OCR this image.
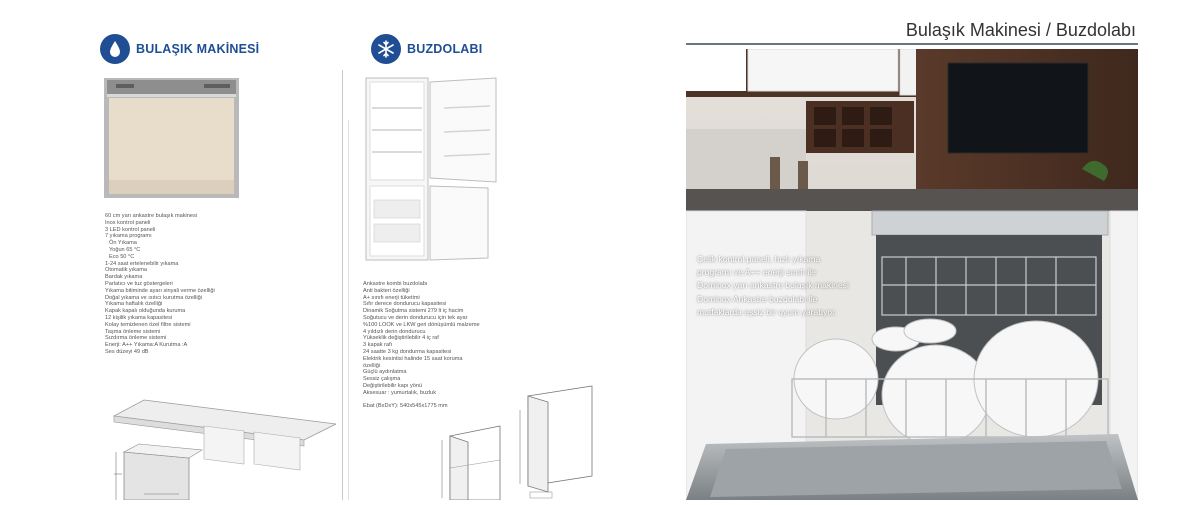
BULAŞIK MAKİNESİ
60 cm yarı ankastre bulaşık makinesi
Inox kontrol paneli
3 LED kontrol paneli
7 yıkama programı
Ön Yıkama
Yoğun 65 °C
Eco 50 °C
1-24 saat ertelenebilir yıkama
Otomatik yıkama
Bardak yıkama
Parlatıcı ve tuz göstergeleri
Yıkama bitiminde ayarı sinyali verme özelliği
Doğal yıkama ve ısıtıcı kurutma özelliği
Yıkama haftalık özelliği
Kapak kapalı olduğunda kuruma
12 kişilik yıkama kapasitesi
Kolay temizlenen özel filtre sistemi
Taşma önleme sistemi
Sızdırma önleme sistemi
Enerji: A++ Yıkama:A Kurutma :A
Ses düzeyi 49 dB
BUZDOLABI
Ankastre kombi buzdolabı
Anti bakteri özelliği
A+ sınıfı enerji tüketimi
Sıfır derece dondurucu kapasitesi
Dinamik Soğutma sistemi 279 lt iç hacim
Soğutucu ve derin dondurucu için tek ayar
%100 LOOK ve LKW geri dönüşümlü malzeme
4 yıldızlı derin dondurucu
Yükseklik değiştirilebilir 4 iç raf
3 kapak rafı
24 saatte 3 kg dondurma kapasitesi
Elektrik kesintisi halinde 15 saat koruma
özelliği
Güçlü aydınlatma
Sessiz çalışma
Değiştirilebilir kapı yönü
Aksesuar : yumurtalık, buzluk
Ebat (BxDxY): 540x545x1775 mm
Bulaşık Makinesi / Buzdolabı
Çelik kontrol paneli, hızlı yıkama
programı ve A++ enerji sınıfı ile
Dominox yarı ankastre bulaşık makinesi
Dominox Ankastre buzdolabı ile
mutfaklarda eşsiz bir uyum yaratıyor.
